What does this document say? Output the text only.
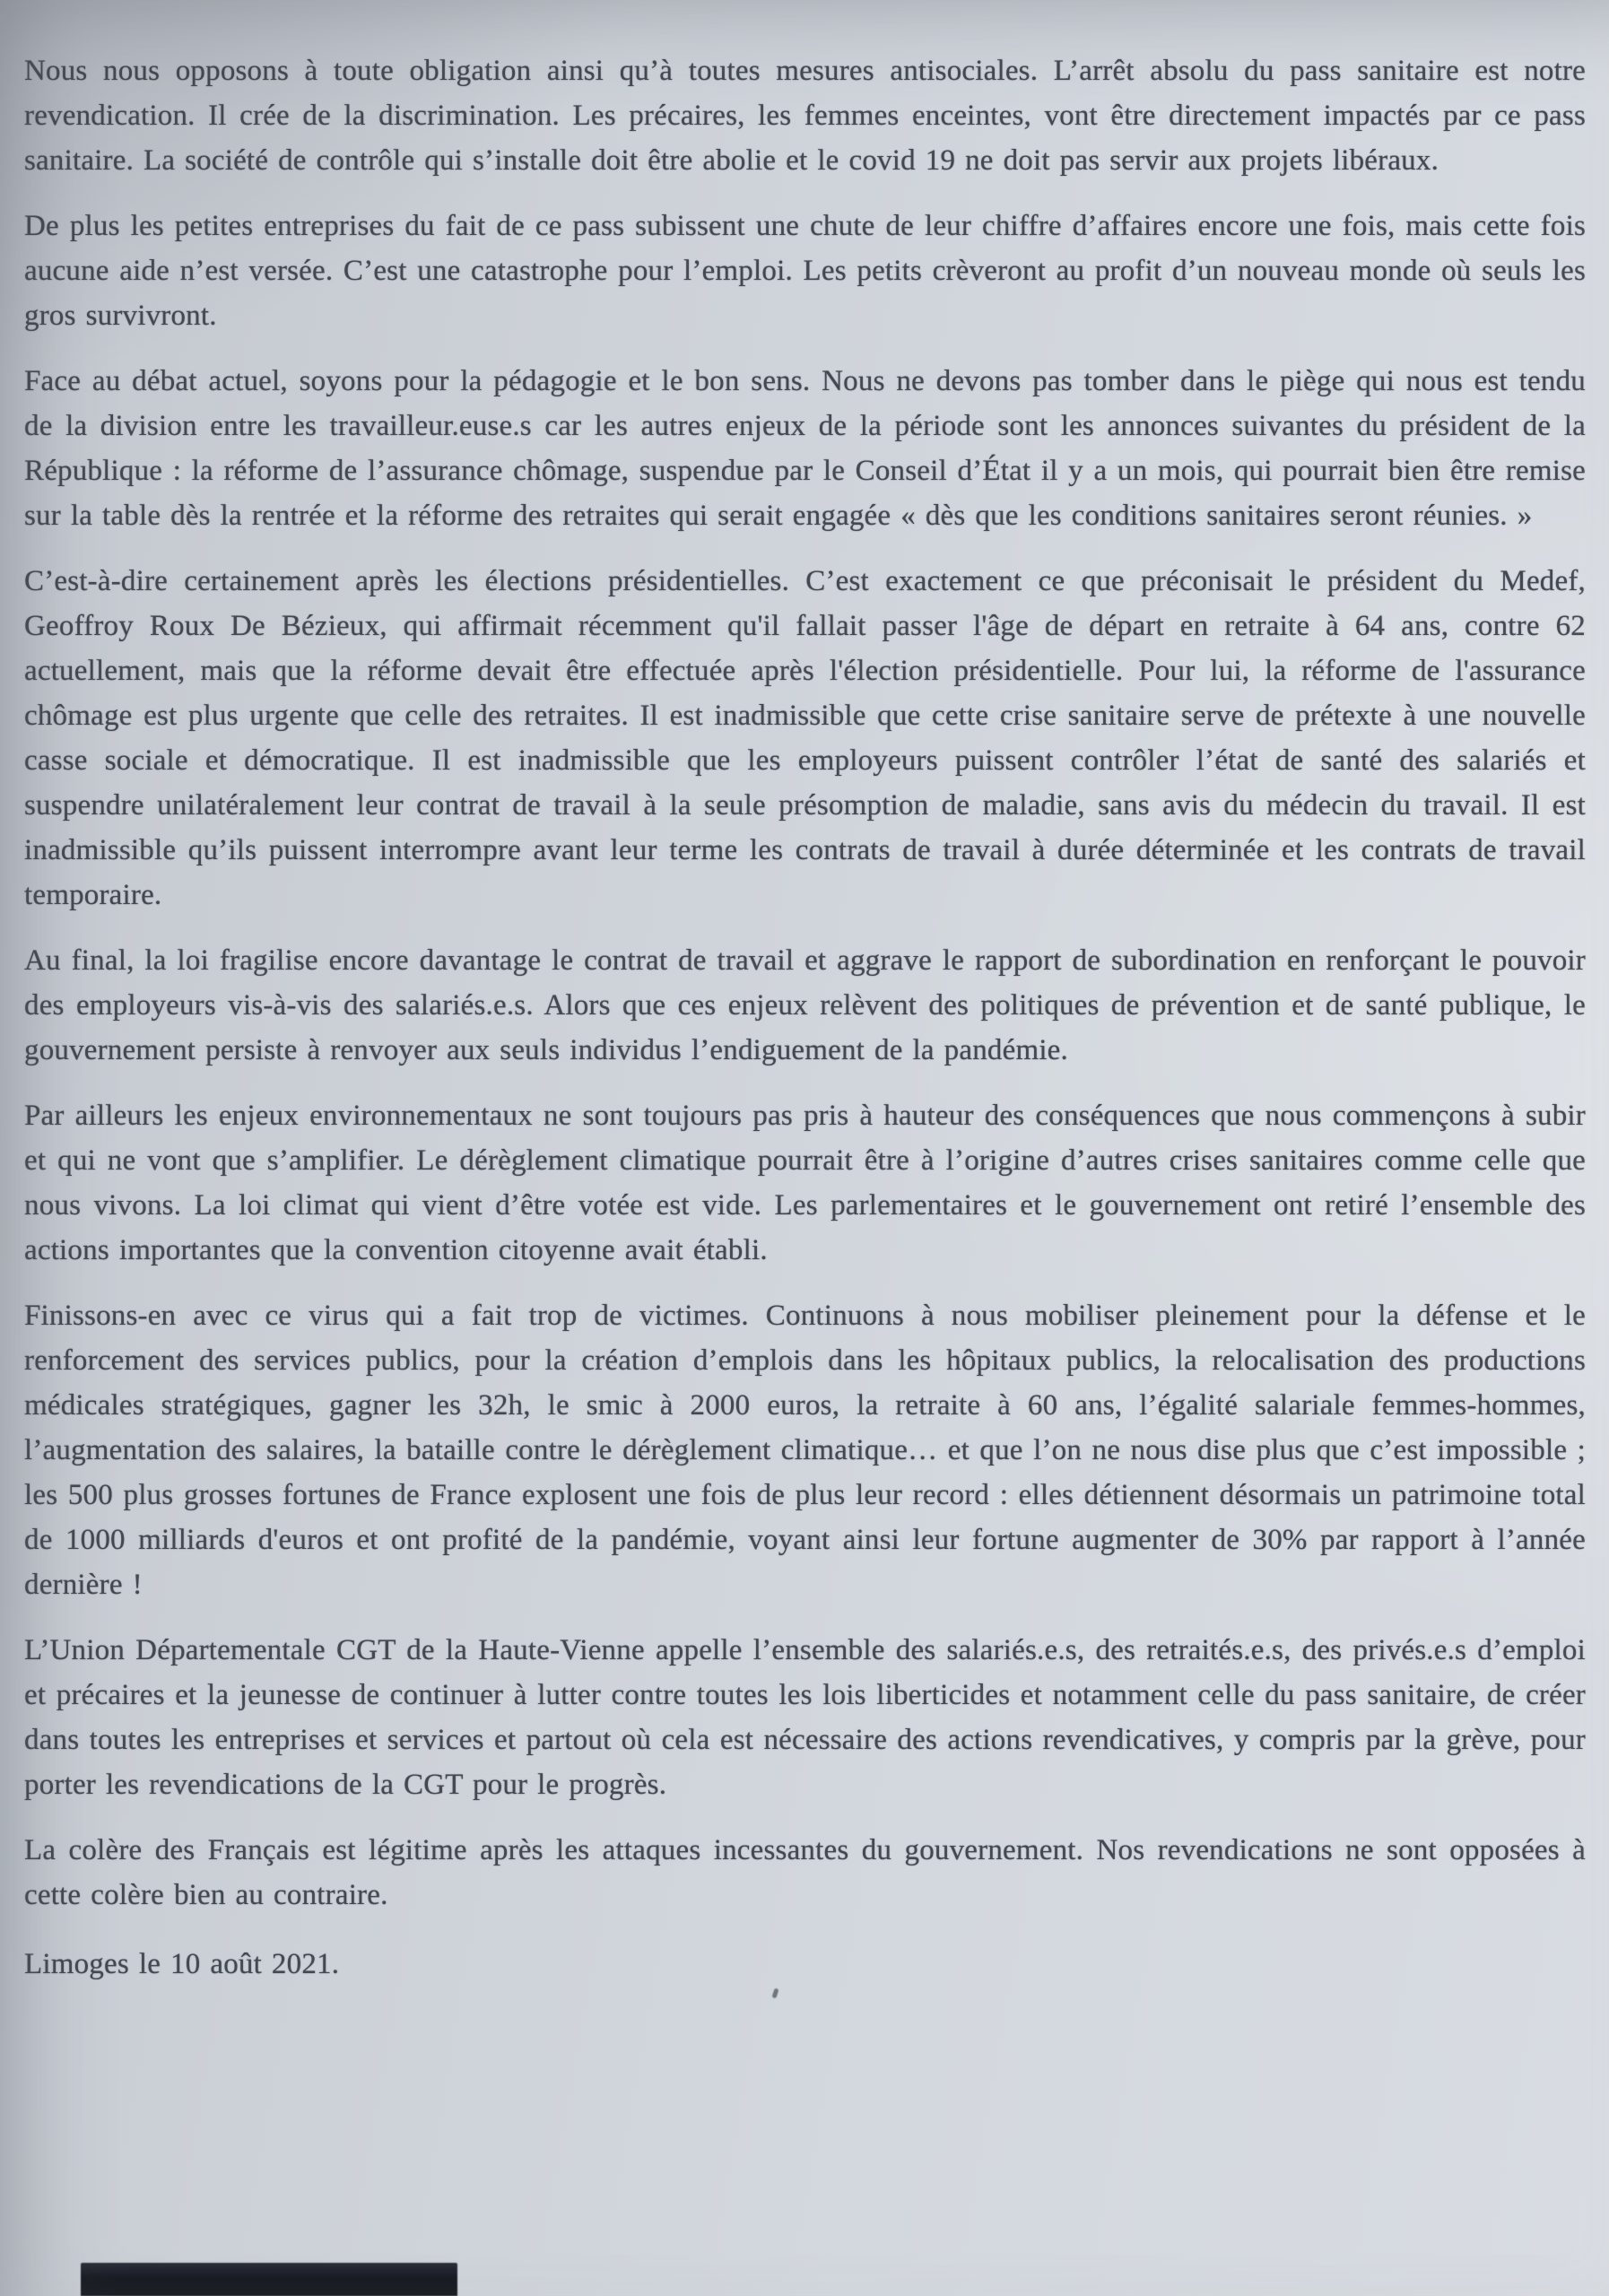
Nous nous opposons à toute obligation ainsi qu’à toutes mesures antisociales. L’arrêt absolu du pass sanitaire est notre revendication. Il crée de la discrimination. Les précaires, les femmes enceintes, vont être directement impactés par ce pass sanitaire. La société de contrôle qui s’installe doit être abolie et le covid 19 ne doit pas servir aux projets libéraux.

De plus les petites entreprises du fait de ce pass subissent une chute de leur chiffre d’affaires encore une fois, mais cette fois aucune aide n’est versée. C’est une catastrophe pour l’emploi. Les petits crèveront au profit d’un nouveau monde où seuls les gros survivront.

Face au débat actuel, soyons pour la pédagogie et le bon sens. Nous ne devons pas tomber dans le piège qui nous est tendu de la division entre les travailleur.euse.s car les autres enjeux de la période sont les annonces suivantes du président de la République : la réforme de l’assurance chômage, suspendue par le Conseil d’État il y a un mois, qui pourrait bien être remise sur la table dès la rentrée et la réforme des retraites qui serait engagée « dès que les conditions sanitaires seront réunies. »

C’est-à-dire certainement après les élections présidentielles. C’est exactement ce que préconisait le président du Medef, Geoffroy Roux De Bézieux, qui affirmait récemment qu'il fallait passer l'âge de départ en retraite à 64 ans, contre 62 actuellement, mais que la réforme devait être effectuée après l'élection présidentielle. Pour lui, la réforme de l'assurance chômage est plus urgente que celle des retraites. Il est inadmissible que cette crise sanitaire serve de prétexte à une nouvelle casse sociale et démocratique. Il est inadmissible que les employeurs puissent contrôler l’état de santé des salariés et suspendre unilatéralement leur contrat de travail à la seule présomption de maladie, sans avis du médecin du travail. Il est inadmissible qu’ils puissent interrompre avant leur terme les contrats de travail à durée déterminée et les contrats de travail temporaire.

Au final, la loi fragilise encore davantage le contrat de travail et aggrave le rapport de subordination en renforçant le pouvoir des employeurs vis-à-vis des salariés.e.s. Alors que ces enjeux relèvent des politiques de prévention et de santé publique, le gouvernement persiste à renvoyer aux seuls individus l’endiguement de la pandémie.

Par ailleurs les enjeux environnementaux ne sont toujours pas pris à hauteur des conséquences que nous commençons à subir et qui ne vont que s’amplifier. Le dérèglement climatique pourrait être à l’origine d’autres crises sanitaires comme celle que nous vivons. La loi climat qui vient d’être votée est vide. Les parlementaires et le gouvernement ont retiré l’ensemble des actions importantes que la convention citoyenne avait établi.

Finissons-en avec ce virus qui a fait trop de victimes. Continuons à nous mobiliser pleinement pour la défense et le renforcement des services publics, pour la création d’emplois dans les hôpitaux publics, la relocalisation des productions médicales stratégiques, gagner les 32h, le smic à 2000 euros, la retraite à 60 ans, l’égalité salariale femmes-hommes, l’augmentation des salaires, la bataille contre le dérèglement climatique… et que l’on ne nous dise plus que c’est impossible ; les 500 plus grosses fortunes de France explosent une fois de plus leur record : elles détiennent désormais un patrimoine total de 1000 milliards d'euros et ont profité de la pandémie, voyant ainsi leur fortune augmenter de 30% par rapport à l’année dernière !

L’Union Départementale CGT de la Haute-Vienne appelle l’ensemble des salariés.e.s, des retraités.e.s, des privés.e.s d’emploi et précaires et la jeunesse de continuer à lutter contre toutes les lois liberticides et notamment celle du pass sanitaire, de créer dans toutes les entreprises et services et partout où cela est nécessaire des actions revendicatives, y compris par la grève, pour porter les revendications de la CGT pour le progrès.

La colère des Français est légitime après les attaques incessantes du gouvernement. Nos revendications ne sont opposées à cette colère bien au contraire.

Limoges le 10 août 2021.
